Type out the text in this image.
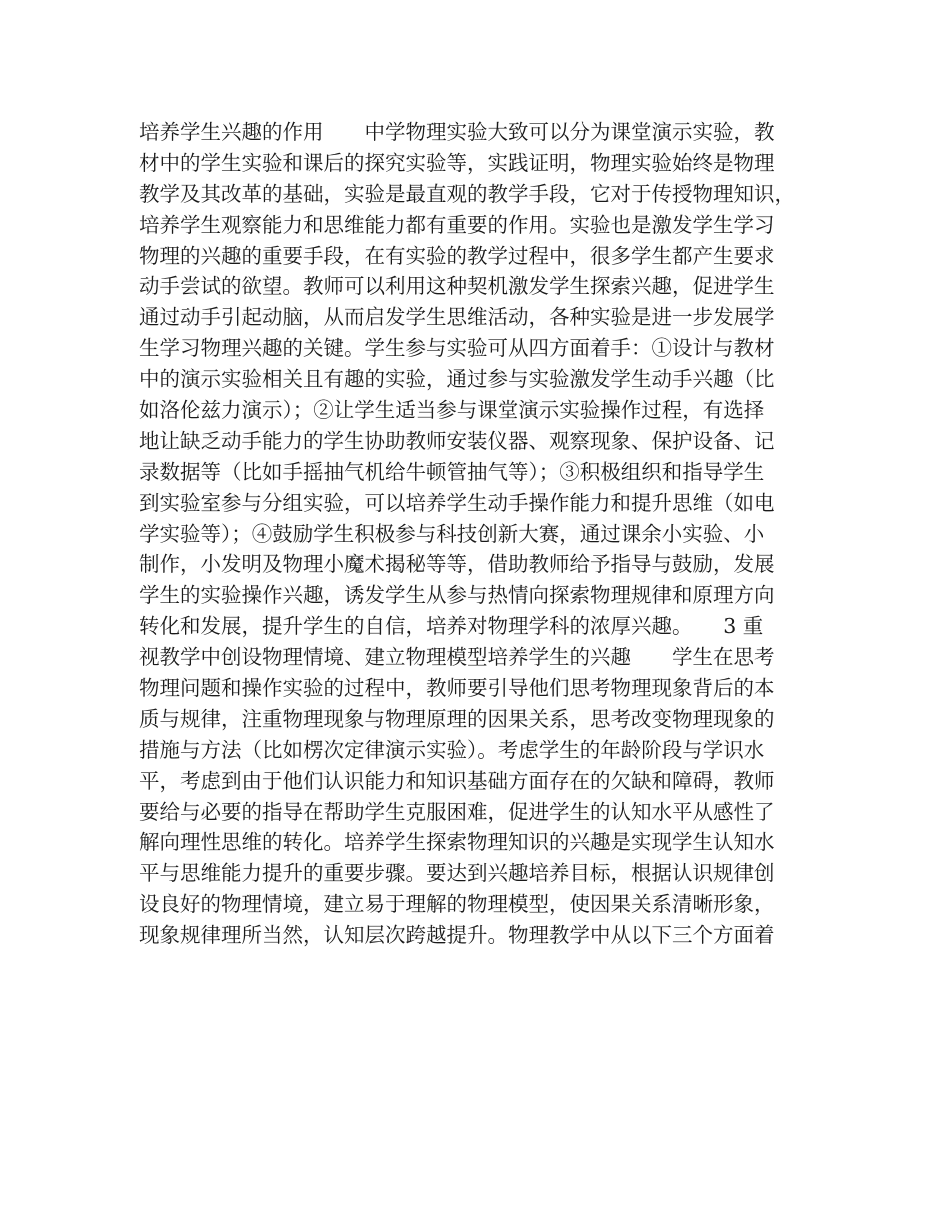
培养学生兴趣的作用　　中学物理实验大致可以分为课堂演示实验，教
材中的学生实验和课后的探究实验等，实践证明，物理实验始终是物理
教学及其改革的基础，实验是最直观的教学手段，它对于传授物理知识，
培养学生观察能力和思维能力都有重要的作用。实验也是激发学生学习
物理的兴趣的重要手段，在有实验的教学过程中，很多学生都产生要求
动手尝试的欲望。教师可以利用这种契机激发学生探索兴趣，促进学生
通过动手引起动脑，从而启发学生思维活动，各种实验是进一步发展学
生学习物理兴趣的关键。学生参与实验可从四方面着手：①设计与教材
中的演示实验相关且有趣的实验，通过参与实验激发学生动手兴趣（比
如洛伦兹力演示）；②让学生适当参与课堂演示实验操作过程，有选择
地让缺乏动手能力的学生协助教师安装仪器、观察现象、保护设备、记
录数据等（比如手摇抽气机给牛顿管抽气等）；③积极组织和指导学生
到实验室参与分组实验，可以培养学生动手操作能力和提升思维（如电
学实验等）；④鼓励学生积极参与科技创新大赛，通过课余小实验、小
制作，小发明及物理小魔术揭秘等等，借助教师给予指导与鼓励，发展
学生的实验操作兴趣，诱发学生从参与热情向探索物理规律和原理方向
转化和发展，提升学生的自信，培养对物理学科的浓厚兴趣。　　3 重
视教学中创设物理情境、建立物理模型培养学生的兴趣　　学生在思考
物理问题和操作实验的过程中，教师要引导他们思考物理现象背后的本
质与规律，注重物理现象与物理原理的因果关系，思考改变物理现象的
措施与方法（比如楞次定律演示实验）。考虑学生的年龄阶段与学识水
平，考虑到由于他们认识能力和知识基础方面存在的欠缺和障碍，教师
要给与必要的指导在帮助学生克服困难，促进学生的认知水平从感性了
解向理性思维的转化。培养学生探索物理知识的兴趣是实现学生认知水
平与思维能力提升的重要步骤。要达到兴趣培养目标，根据认识规律创
设良好的物理情境，建立易于理解的物理模型，使因果关系清晰形象，
现象规律理所当然，认知层次跨越提升。物理教学中从以下三个方面着
